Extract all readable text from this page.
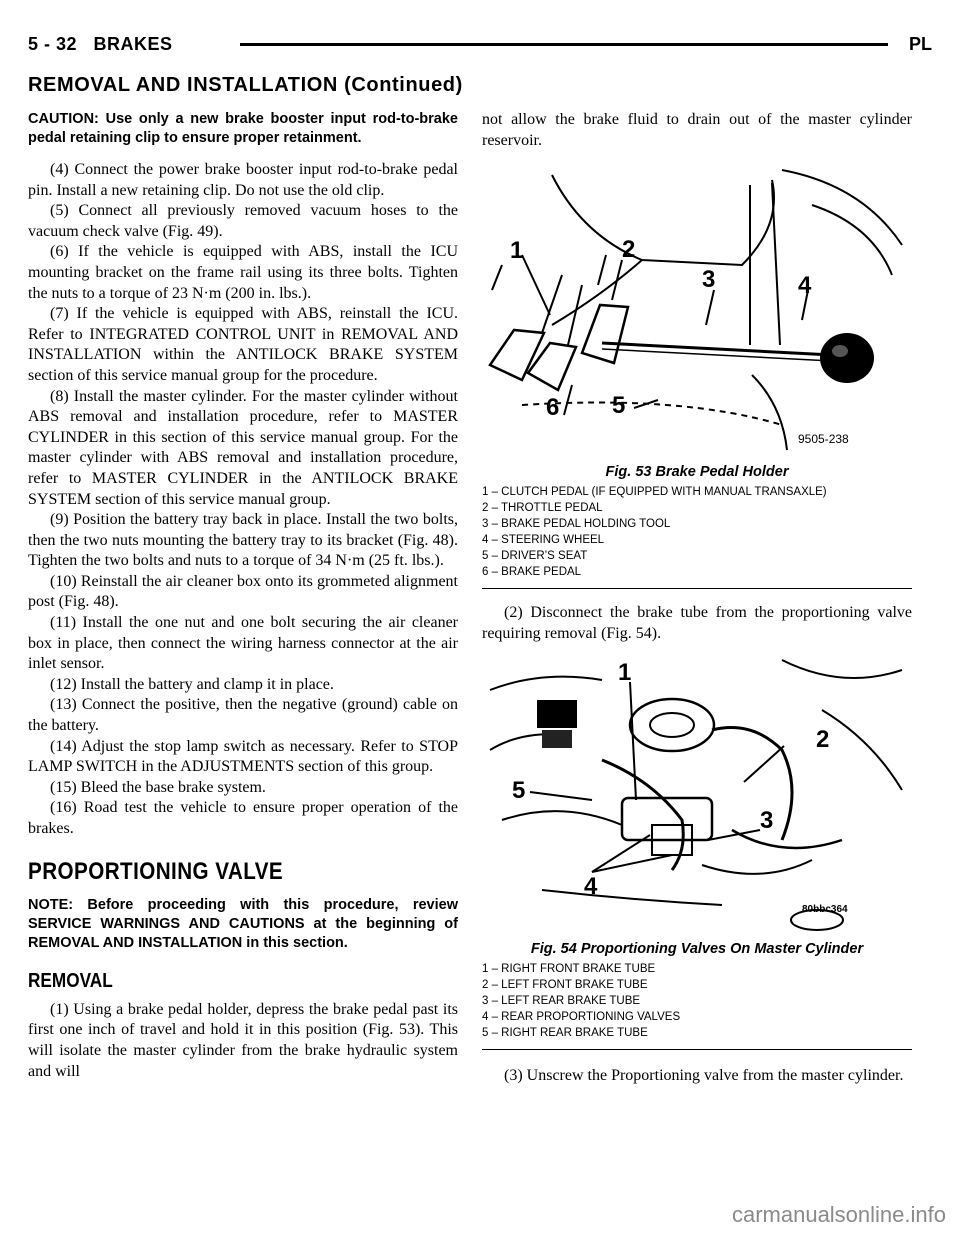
5 - 32 BRAKES	PL
REMOVAL AND INSTALLATION (Continued)

CAUTION: Use only a new brake booster input rod-to-brake pedal retaining clip to ensure proper retainment.

(4) Connect the power brake booster input rod-to-brake pedal pin. Install a new retaining clip. Do not use the old clip.

(5) Connect all previously removed vacuum hoses to the vacuum check valve (Fig. 49).

(6) If the vehicle is equipped with ABS, install the ICU mounting bracket on the frame rail using its three bolts. Tighten the nuts to a torque of 23 N·m (200 in. lbs.).

(7) If the vehicle is equipped with ABS, reinstall the ICU. Refer to INTEGRATED CONTROL UNIT in REMOVAL AND INSTALLATION within the ANTILOCK BRAKE SYSTEM section of this service manual group for the procedure.

(8) Install the master cylinder. For the master cylinder without ABS removal and installation procedure, refer to MASTER CYLINDER in this section of this service manual group. For the master cylinder with ABS removal and installation procedure, refer to MASTER CYLINDER in the ANTILOCK BRAKE SYSTEM section of this service manual group.

(9) Position the battery tray back in place. Install the two bolts, then the two nuts mounting the battery tray to its bracket (Fig. 48). Tighten the two bolts and nuts to a torque of 34 N·m (25 ft. lbs.).

(10) Reinstall the air cleaner box onto its grommeted alignment post (Fig. 48).

(11) Install the one nut and one bolt securing the air cleaner box in place, then connect the wiring harness connector at the air inlet sensor.

(12) Install the battery and clamp it in place.

(13) Connect the positive, then the negative (ground) cable on the battery.

(14) Adjust the stop lamp switch as necessary. Refer to STOP LAMP SWITCH in the ADJUSTMENTS section of this group.

(15) Bleed the base brake system.

(16) Road test the vehicle to ensure proper operation of the brakes.

PROPORTIONING VALVE

NOTE: Before proceeding with this procedure, review SERVICE WARNINGS AND CAUTIONS at the beginning of REMOVAL AND INSTALLATION in this section.

REMOVAL

(1) Using a brake pedal holder, depress the brake pedal past its first one inch of travel and hold it in this position (Fig. 53). This will isolate the master cylinder from the brake hydraulic system and will

not allow the brake fluid to drain out of the master cylinder reservoir.

1	2
3	4
5
6
9505-238
Fig. 53 Brake Pedal Holder

1 – CLUTCH PEDAL (IF EQUIPPED WITH MANUAL TRANSAXLE)

2 – THROTTLE PEDAL

3 – BRAKE PEDAL HOLDING TOOL

4 – STEERING WHEEL

5 – DRIVER’S SEAT

6 – BRAKE PEDAL

(2) Disconnect the brake tube from the proportioning valve requiring removal (Fig. 54).

1
2
3
4
5
80bbc364
Fig. 54 Proportioning Valves On Master Cylinder

1 – RIGHT FRONT BRAKE TUBE

2 – LEFT FRONT BRAKE TUBE

3 – LEFT REAR BRAKE TUBE

4 – REAR PROPORTIONING VALVES

5 – RIGHT REAR BRAKE TUBE

(3) Unscrew the Proportioning valve from the master cylinder.

carmanualsonline.info
